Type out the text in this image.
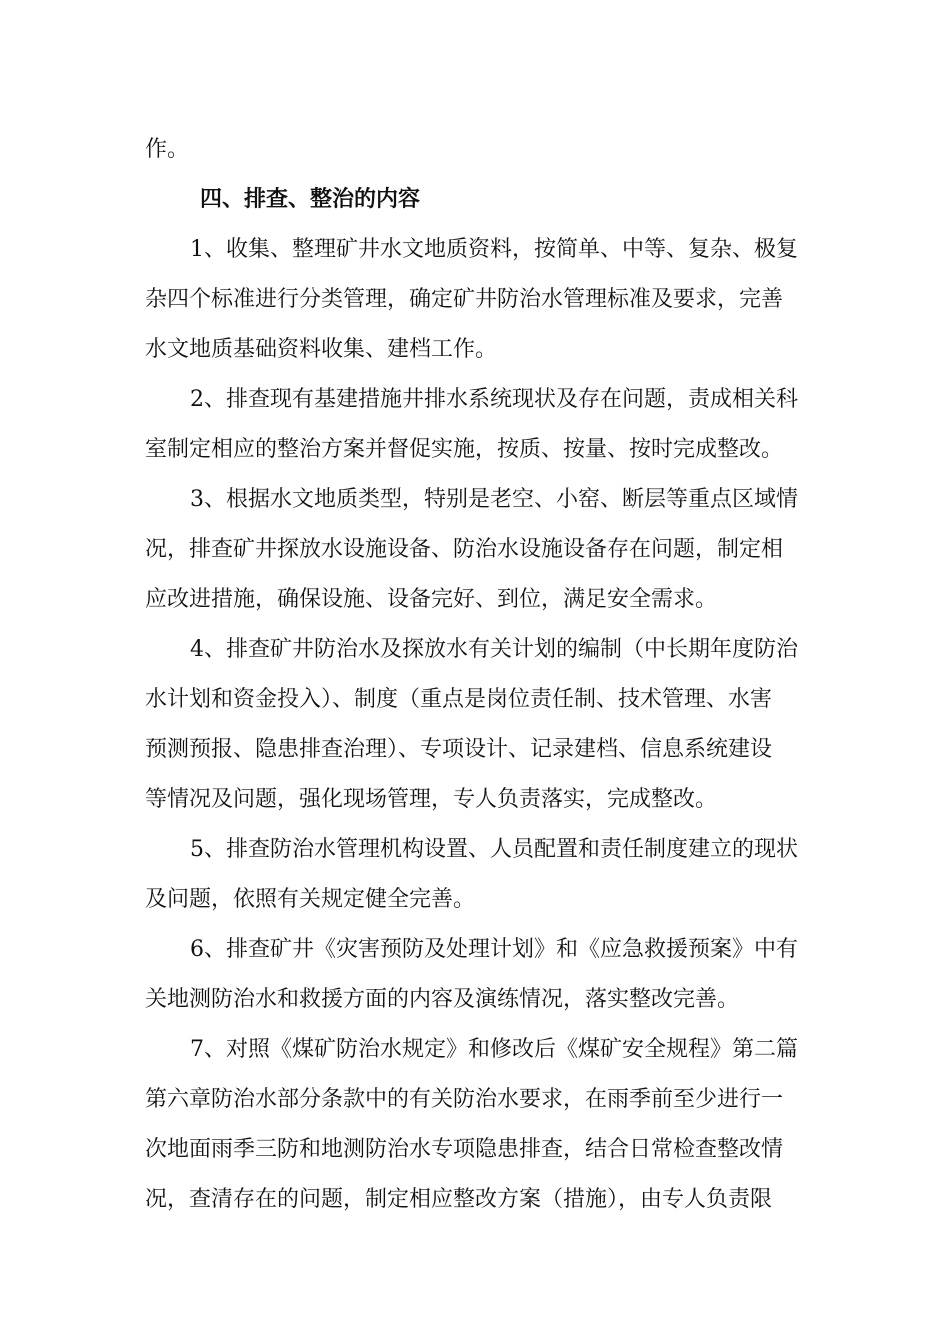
作。
四、排查、整治的内容
1、收集、整理矿井水文地质资料，按简单、中等、复杂、极复
杂四个标准进行分类管理，确定矿井防治水管理标准及要求，完善
水文地质基础资料收集、建档工作。
2、排查现有基建措施井排水系统现状及存在问题，责成相关科
室制定相应的整治方案并督促实施，按质、按量、按时完成整改。
3、根据水文地质类型，特别是老空、小窑、断层等重点区域情
况，排查矿井探放水设施设备、防治水设施设备存在问题，制定相
应改进措施，确保设施、设备完好、到位，满足安全需求。
4、排查矿井防治水及探放水有关计划的编制（中长期年度防治
水计划和资金投入）、制度（重点是岗位责任制、技术管理、水害
预测预报、隐患排查治理）、专项设计、记录建档、信息系统建设
等情况及问题，强化现场管理，专人负责落实，完成整改。
5、排查防治水管理机构设置、人员配置和责任制度建立的现状
及问题，依照有关规定健全完善。
6、排查矿井《灾害预防及处理计划》和《应急救援预案》中有
关地测防治水和救援方面的内容及演练情况，落实整改完善。
7、对照《煤矿防治水规定》和修改后《煤矿安全规程》第二篇
第六章防治水部分条款中的有关防治水要求，在雨季前至少进行一
次地面雨季三防和地测防治水专项隐患排查，结合日常检查整改情
况，查清存在的问题，制定相应整改方案（措施），由专人负责限
